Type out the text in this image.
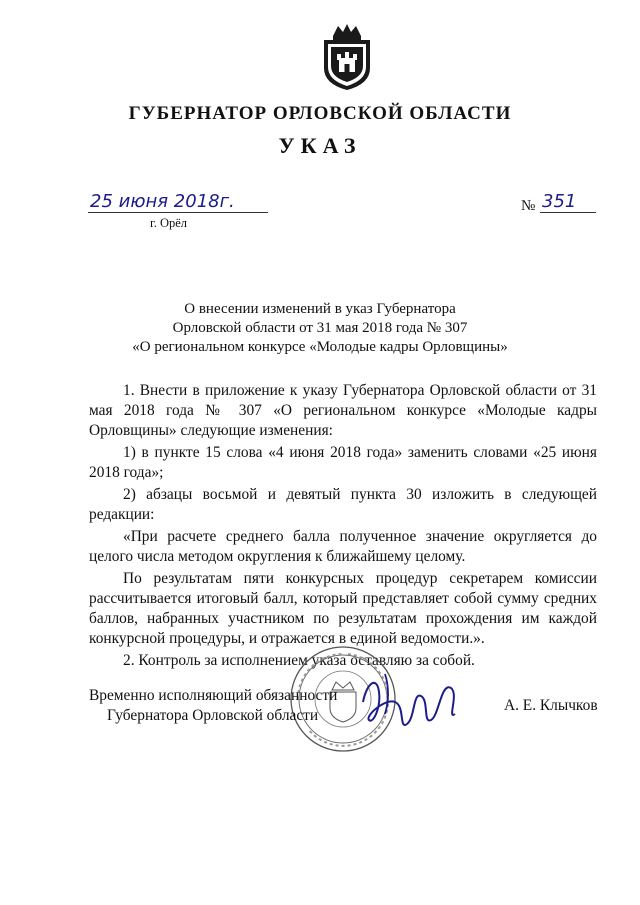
ГУБЕРНАТОР ОРЛОВСКОЙ ОБЛАСТИ
УКАЗ
25 июня 2018г.
г. Орёл
№ 351
О внесении изменений в указ Губернатора
Орловской области от 31 мая 2018 года № 307
«О региональном конкурсе «Молодые кадры Орловщины»

1. Внести в приложение к указу Губернатора Орловской области от 31 мая 2018 года № 307 «О региональном конкурсе «Молодые кадры Орловщины» следующие изменения:

1) в пункте 15 слова «4 июня 2018 года» заменить словами «25 июня 2018 года»;

2) абзацы восьмой и девятый пункта 30 изложить в следующей редакции:

«При расчете среднего балла полученное значение округляется до целого числа методом округления к ближайшему целому.

По результатам пяти конкурсных процедур секретарем комиссии рассчитывается итоговый балл, который представляет собой сумму средних баллов, набранных участником по результатам прохождения им каждой конкурсной процедуры, и отражается в единой ведомости.».

2. Контроль за исполнением указа оставляю за собой.

Временно исполняющий обязанности
Губернатора Орловской области
А. Е. Клычков
